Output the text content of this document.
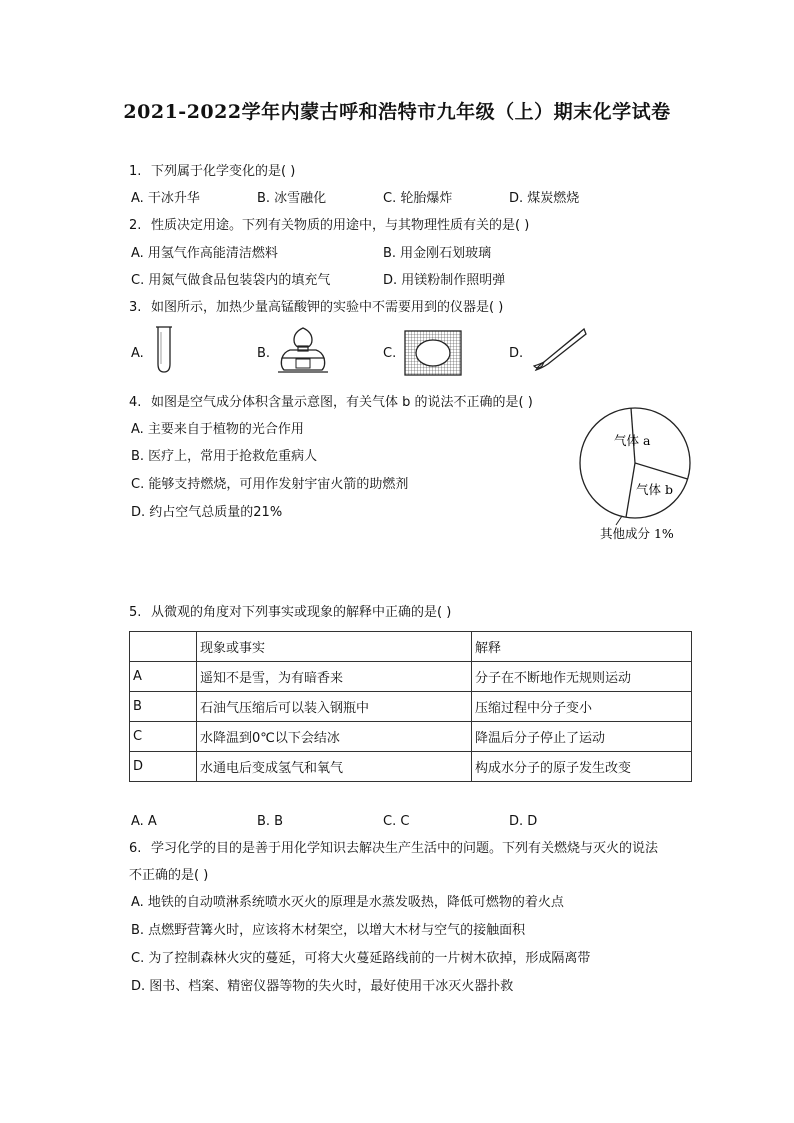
2021-2022学年内蒙古呼和浩特市九年级（上）期末化学试卷
1. 下列属于化学变化的是( )
A. 干冰升华	B. 冰雪融化	C. 轮胎爆炸	D. 煤炭燃烧
2. 性质决定用途。下列有关物质的用途中，与其物理性质有关的是( )
A. 用氢气作高能清洁燃料	B. 用金刚石划玻璃
C. 用氮气做食品包装袋内的填充气	D. 用镁粉制作照明弹
3. 如图所示，加热少量高锰酸钾的实验中不需要用到的仪器是( )
A.	B.	C.	D.
4. 如图是空气成分体积含量示意图，有关气体 b 的说法不正确的是( )
A. 主要来自于植物的光合作用
B. 医疗上，常用于抢救危重病人
C. 能够支持燃烧，可用作发射宇宙火箭的助燃剂
D. 约占空气总质量的21%
气体 a
气体 b
其他成分 1%
5. 从微观的角度对下列事实或现象的解释中正确的是( )
	现象或事实	解释
A	遥知不是雪，为有暗香来	分子在不断地作无规则运动
B	石油气压缩后可以装入钢瓶中	压缩过程中分子变小
C	水降温到0℃以下会结冰	降温后分子停止了运动
D	水通电后变成氢气和氧气	构成水分子的原子发生改变
A. A	B. B	C. C	D. D
6. 学习化学的目的是善于用化学知识去解决生产生活中的问题。下列有关燃烧与灭火的说法
不正确的是( )
A. 地铁的自动喷淋系统喷水灭火的原理是水蒸发吸热，降低可燃物的着火点
B. 点燃野营篝火时，应该将木材架空，以增大木材与空气的接触面积
C. 为了控制森林火灾的蔓延，可将大火蔓延路线前的一片树木砍掉，形成隔离带
D. 图书、档案、精密仪器等物的失火时，最好使用干冰灭火器扑救
